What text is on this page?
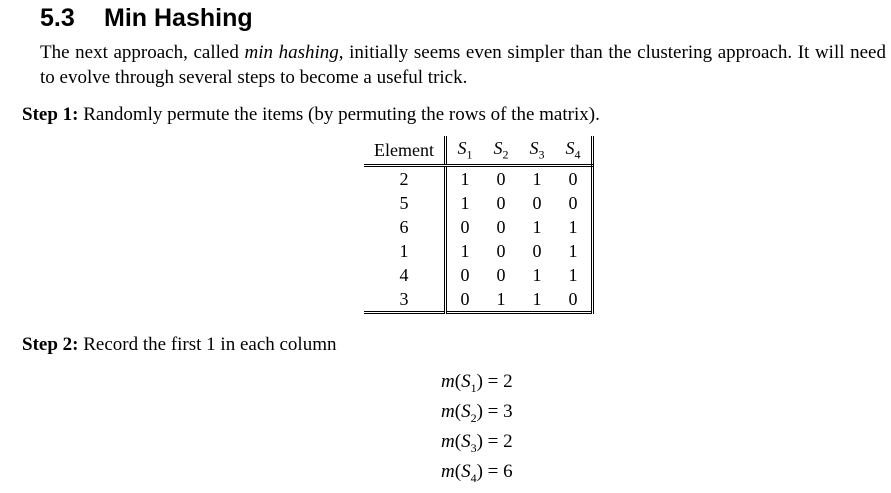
5.3 Min Hashing
The next approach, called min hashing, initially seems even simpler than the clustering approach. It will need to evolve through several steps to become a useful trick.
Step 1: Randomly permute the items (by permuting the rows of the matrix).
Element	$S_1$	$S_2$	$S_3$	$S_4$

2	1	0	1	0
5	1	0	0	0
6	0	0	1	1
1	1	0	0	1
4	0	0	1	1
3	0	1	1	0

Step 2: Record the first 1 in each column
$m(S_1) = 2$
$m(S_2) = 3$
$m(S_3) = 2$
$m(S_4) = 6$
